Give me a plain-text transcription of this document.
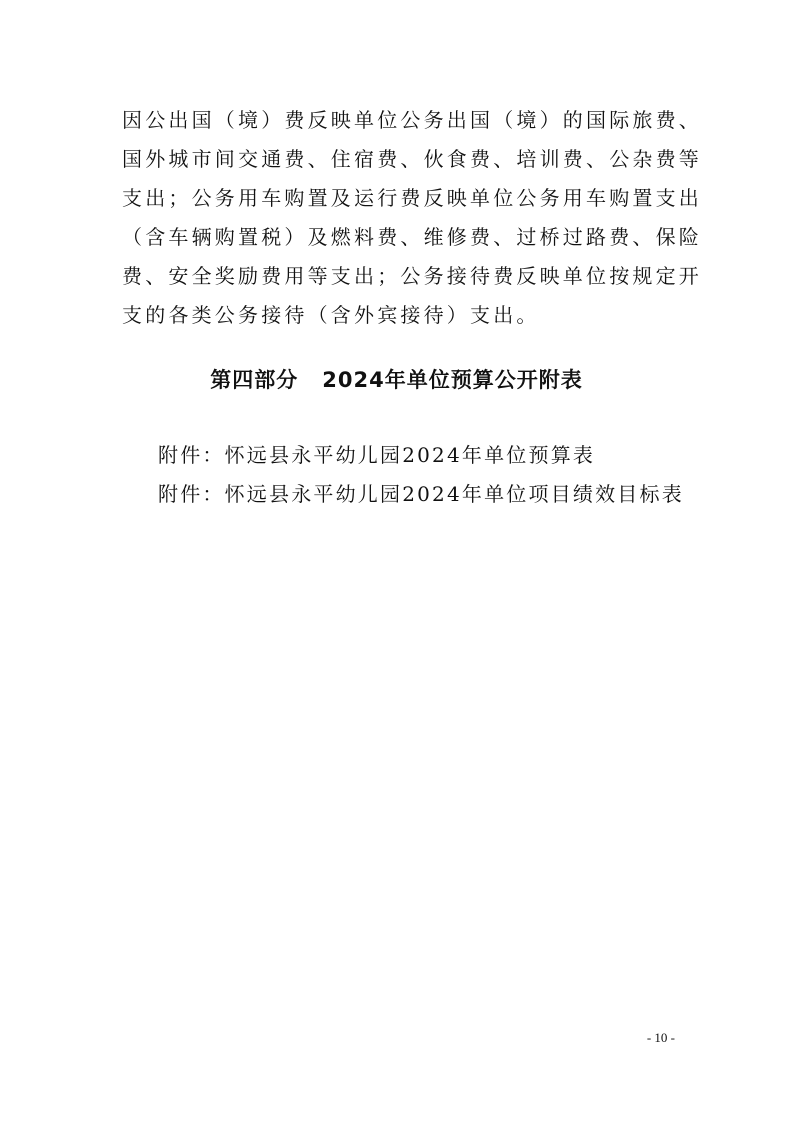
因公出国（境）费反映单位公务出国（境）的国际旅费、
国外城市间交通费、住宿费、伙食费、培训费、公杂费等
支出；公务用车购置及运行费反映单位公务用车购置支出
（含车辆购置税）及燃料费、维修费、过桥过路费、保险
费、安全奖励费用等支出；公务接待费反映单位按规定开
支的各类公务接待（含外宾接待）支出。
第四部分 2024年单位预算公开附表
附件：怀远县永平幼儿园2024年单位预算表
附件：怀远县永平幼儿园2024年单位项目绩效目标表
- 10 -
